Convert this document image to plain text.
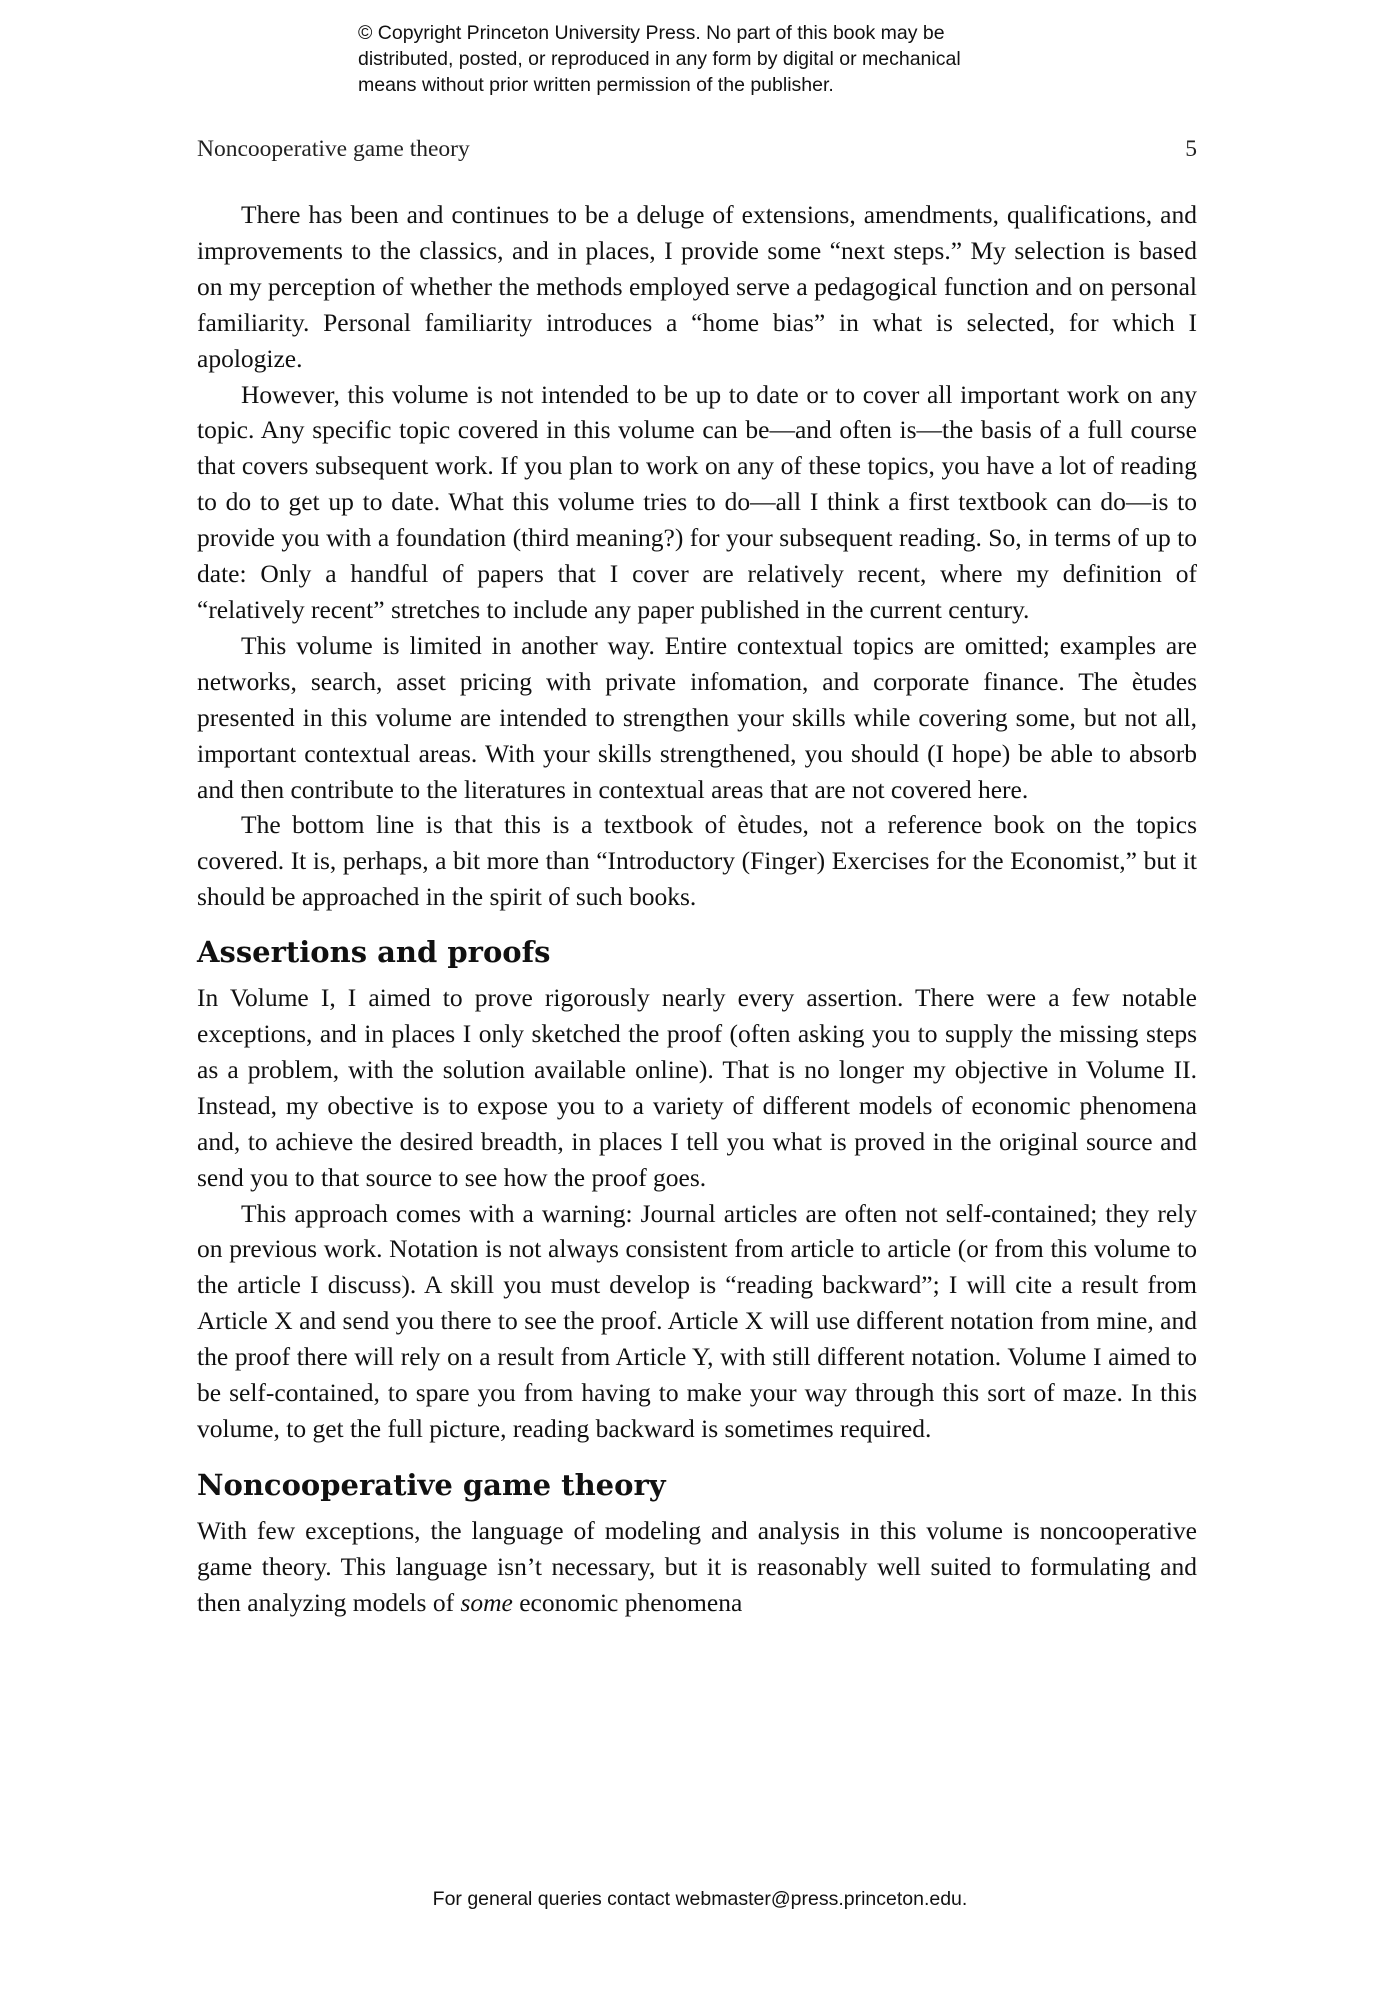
© Copyright Princeton University Press. No part of this book may be
distributed, posted, or reproduced in any form by digital or mechanical
means without prior written permission of the publisher.
Noncooperative game theory	5

There has been and continues to be a deluge of extensions, amendments, qualifications, and improvements to the classics, and in places, I provide some “next steps.” My selection is based on my perception of whether the methods employed serve a pedagogical function and on personal familiarity. Personal familiarity introduces a “home bias” in what is selected, for which I apologize.

However, this volume is not intended to be up to date or to cover all important work on any topic. Any specific topic covered in this volume can be—and often is—the basis of a full course that covers subsequent work. If you plan to work on any of these topics, you have a lot of reading to do to get up to date. What this volume tries to do—all I think a first textbook can do—is to provide you with a foundation (third meaning?) for your subsequent reading. So, in terms of up to date: Only a handful of papers that I cover are relatively recent, where my definition of “relatively recent” stretches to include any paper published in the current century.

This volume is limited in another way. Entire contextual topics are omitted; examples are networks, search, asset pricing with private infomation, and corporate finance. The ètudes presented in this volume are intended to strengthen your skills while covering some, but not all, important contextual areas. With your skills strengthened, you should (I hope) be able to absorb and then contribute to the literatures in contextual areas that are not covered here.

The bottom line is that this is a textbook of ètudes, not a reference book on the topics covered. It is, perhaps, a bit more than “Introductory (Finger) Exercises for the Economist,” but it should be approached in the spirit of such books.

Assertions and proofs

In Volume I, I aimed to prove rigorously nearly every assertion. There were a few notable exceptions, and in places I only sketched the proof (often asking you to supply the missing steps as a problem, with the solution available online). That is no longer my objective in Volume II. Instead, my obective is to expose you to a variety of different models of economic phenomena and, to achieve the desired breadth, in places I tell you what is proved in the original source and send you to that source to see how the proof goes.

This approach comes with a warning: Journal articles are often not self-contained; they rely on previous work. Notation is not always consistent from article to article (or from this volume to the article I discuss). A skill you must develop is “reading backward”; I will cite a result from Article X and send you there to see the proof. Article X will use different notation from mine, and the proof there will rely on a result from Article Y, with still different notation. Volume I aimed to be self-contained, to spare you from having to make your way through this sort of maze. In this volume, to get the full picture, reading backward is sometimes required.

Noncooperative game theory

With few exceptions, the language of modeling and analysis in this volume is noncooperative game theory. This language isn’t necessary, but it is reasonably well suited to formulating and then analyzing models of some economic phenomena

For general queries contact webmaster@press.princeton.edu.
